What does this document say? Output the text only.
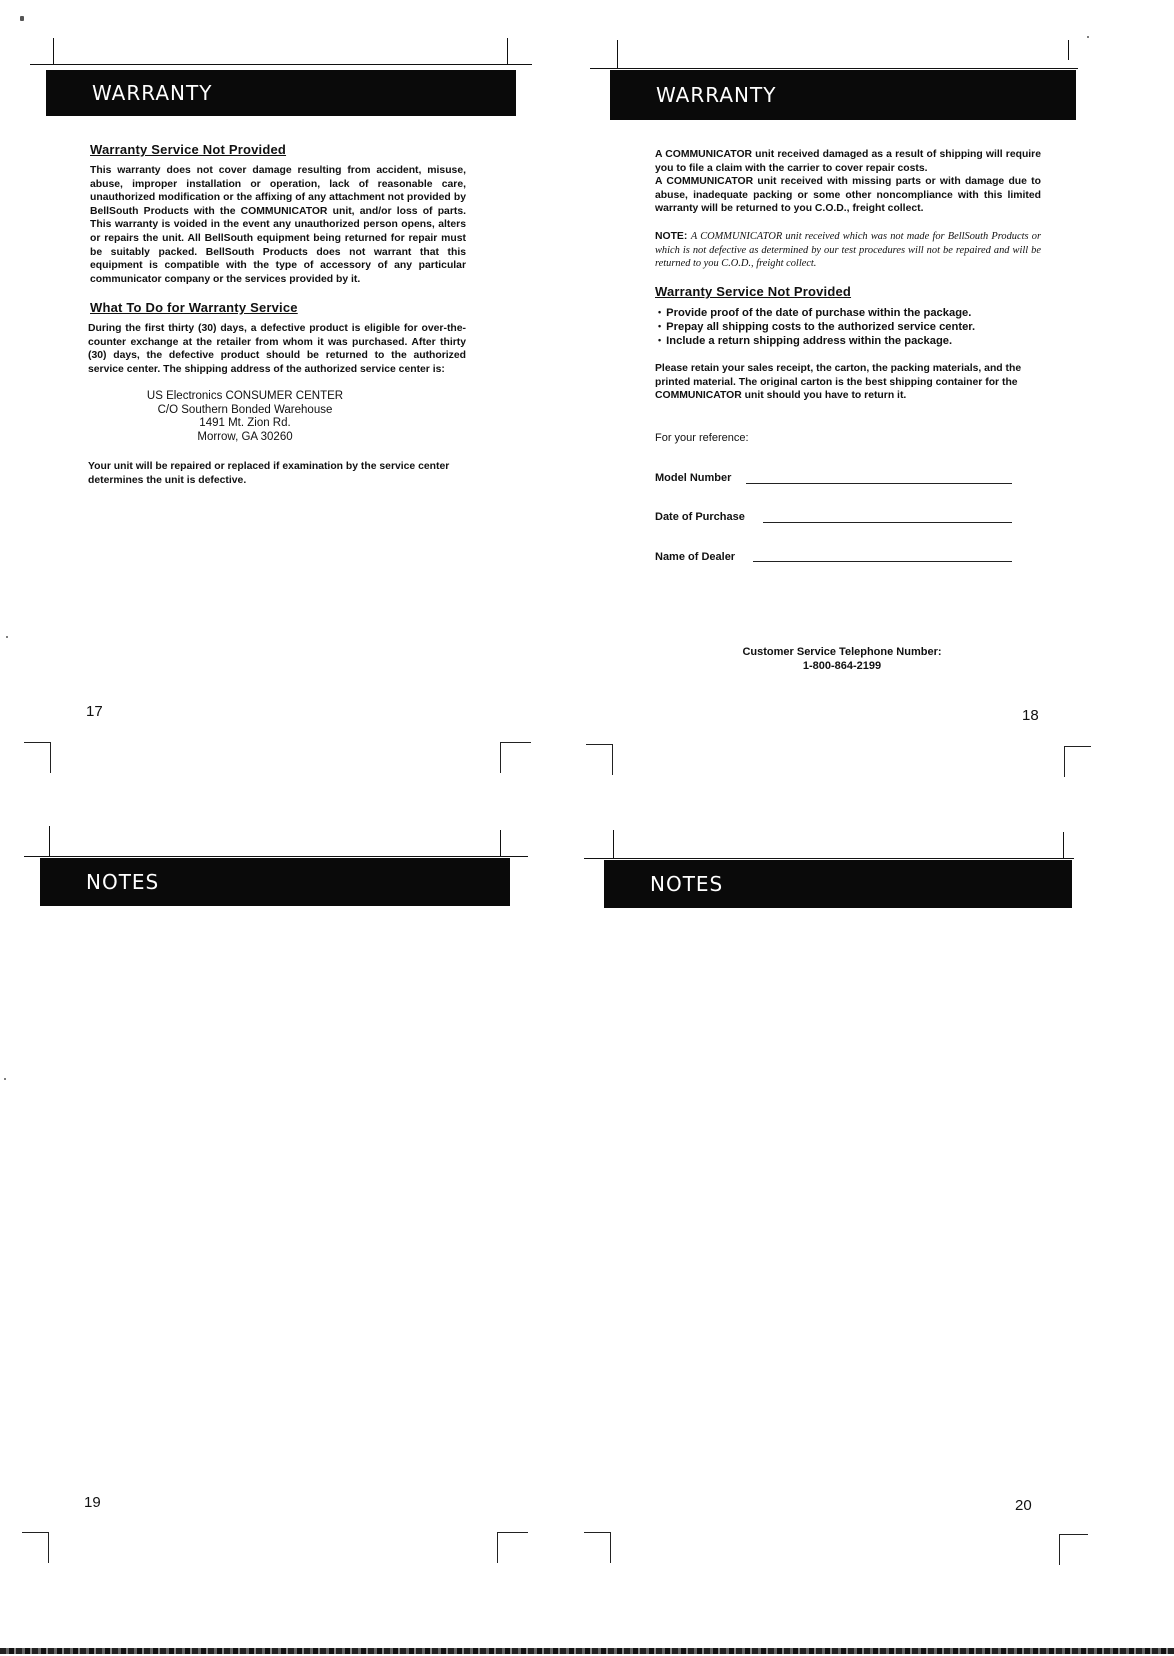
WARRANTY
Warranty Service Not Provided

This warranty does not cover damage resulting from accident, misuse, abuse, improper installation or operation, lack of reasonable care, unauthorized modification or the affixing of any attachment not provided by BellSouth Products with the COMMUNICATOR unit, and/or loss of parts. This warranty is voided in the event any unauthorized person opens, alters or repairs the unit. All BellSouth equipment being returned for repair must be suitably packed. BellSouth Products does not warrant that this equipment is compatible with the type of accessory of any particular communicator company or the services provided by it.

What To Do for Warranty Service

During the first thirty (30) days, a defective product is eligible for over-the-counter exchange at the retailer from whom it was purchased. After thirty (30) days, the defective product should be returned to the authorized service center. The shipping address of the authorized service center is:

US Electronics CONSUMER CENTER
C/O Southern Bonded Warehouse
1491 Mt. Zion Rd.
Morrow, GA 30260

Your unit will be repaired or replaced if examination by the service center determines the unit is defective.

17
WARRANTY

A COMMUNICATOR unit received damaged as a result of shipping will require you to file a claim with the carrier to cover repair costs.
A COMMUNICATOR unit received with missing parts or with damage due to abuse, inadequate packing or some other noncompliance with this limited warranty will be returned to you C.O.D., freight collect.

NOTE: A COMMUNICATOR unit received which was not made for BellSouth Products or which is not defective as determined by our test procedures will not be repaired and will be returned to you C.O.D., freight collect.

Warranty Service Not Provided
• Provide proof of the date of purchase within the package.
• Prepay all shipping costs to the authorized service center.
• Include a return shipping address within the package.

Please retain your sales receipt, the carton, the packing materials, and the printed material. The original carton is the best shipping container for the COMMUNICATOR unit should you have to return it.

For your reference:
Model Number
Date of Purchase
Name of Dealer
Customer Service Telephone Number:
1-800-864-2199
18
NOTES
19
NOTES
20
